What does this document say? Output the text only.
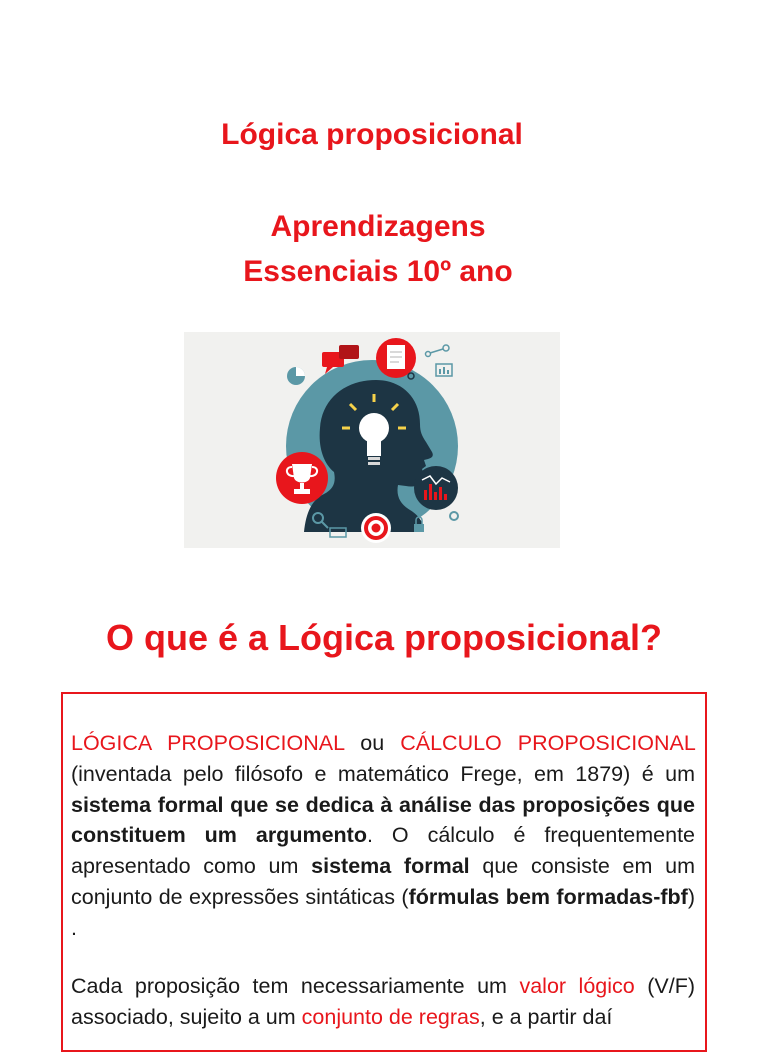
Lógica proposicional
Aprendizagens
Essenciais 10º ano
O que é a Lógica proposicional?

LÓGICA PROPOSICIONAL ou CÁLCULO PROPOSICIONAL (inventada pelo filósofo e matemático Frege, em 1879) é um sistema formal que se dedica à análise das proposições que constituem um argumento. O cálculo é frequentemente apresentado como um sistema formal que consiste em um conjunto de expressões sintáticas (fórmulas bem formadas-fbf) .

Cada proposição tem necessariamente um valor lógico (V/F) associado, sujeito a um conjunto de regras, e a partir daí
